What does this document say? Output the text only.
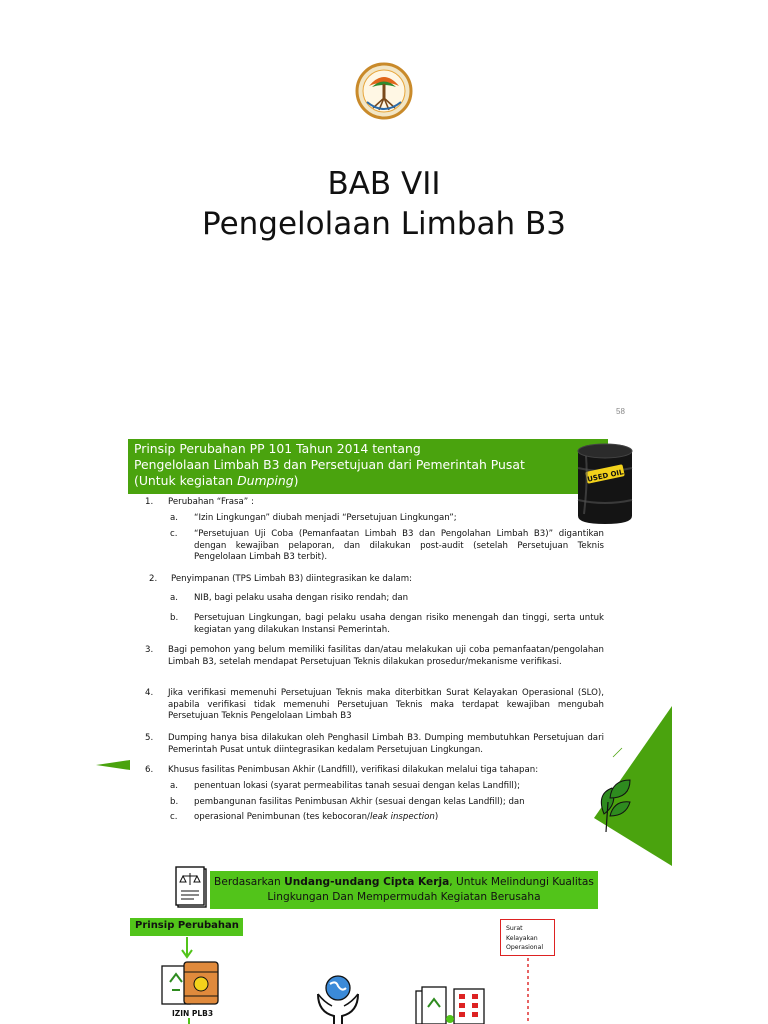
BAB VII
Pengelolaan Limbah B3
58
Prinsip Perubahan PP 101 Tahun 2014 tentang
Pengelolaan Limbah B3 dan Persetujuan dari Pemerintah Pusat
(Untuk kegiatan Dumping)	USED OIL
1. Perubahan “Frasa” :
a. “Izin Lingkungan” diubah menjadi “Persetujuan Lingkungan”;
c. “Persetujuan Uji Coba (Pemanfaatan Limbah B3 dan Pengolahan Limbah B3)” digantikan dengan kewajiban pelaporan, dan dilakukan post-audit (setelah Persetujuan Teknis Pengelolaan Limbah B3 terbit).
2. Penyimpanan (TPS Limbah B3) diintegrasikan ke dalam:
a. NIB, bagi pelaku usaha dengan risiko rendah; dan
b. Persetujuan Lingkungan, bagi pelaku usaha dengan risiko menengah dan tinggi, serta untuk kegiatan yang dilakukan Instansi Pemerintah.
3. Bagi pemohon yang belum memiliki fasilitas dan/atau melakukan uji coba pemanfaatan/pengolahan Limbah B3, setelah mendapat Persetujuan Teknis dilakukan prosedur/mekanisme verifikasi.
4. Jika verifikasi memenuhi Persetujuan Teknis maka diterbitkan Surat Kelayakan Operasional (SLO), apabila verifikasi tidak memenuhi Persetujuan Teknis maka terdapat kewajiban mengubah Persetujuan Teknis Pengelolaan Limbah B3
5. Dumping hanya bisa dilakukan oleh Penghasil Limbah B3. Dumping membutuhkan Persetujuan dari Pemerintah Pusat untuk diintegrasikan kedalam Persetujuan Lingkungan.
6. Khusus fasilitas Penimbusan Akhir (Landfill), verifikasi dilakukan melalui tiga tahapan:
a. penentuan lokasi (syarat permeabilitas tanah sesuai dengan kelas Landfill);
b. pembangunan fasilitas Penimbusan Akhir (sesuai dengan kelas Landfill); dan
c. operasional Penimbunan (tes kebocoran/leak inspection)
Berdasarkan Undang-undang Cipta Kerja, Untuk Melindungi Kualitas Lingkungan Dan Mempermudah Kegiatan Berusaha
Prinsip Perubahan
IZIN PLB3
Surat
Kelayakan
Operasional
